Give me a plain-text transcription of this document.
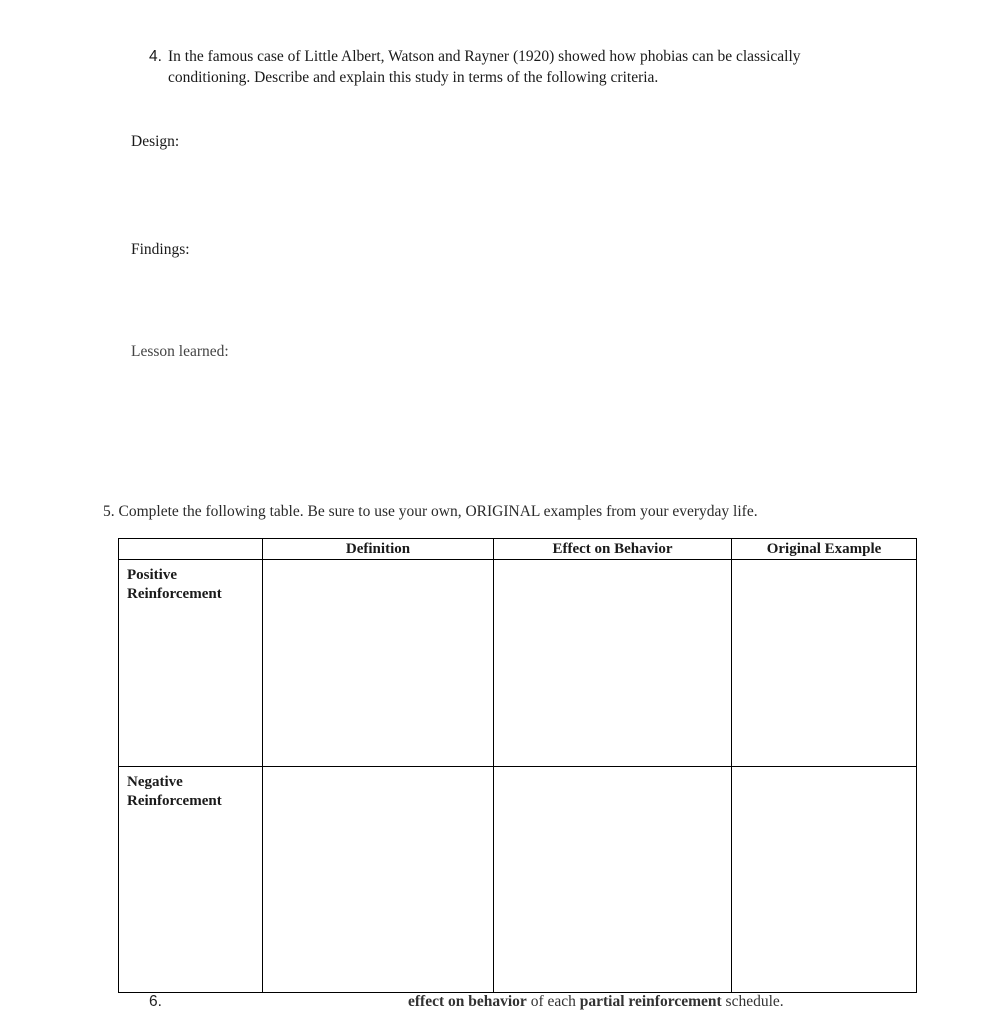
4. In the famous case of Little Albert, Watson and Rayner (1920) showed how phobias can be classically
conditioning. Describe and explain this study in terms of the following criteria.
Design:
Findings:
Lesson learned:
5. Complete the following table. Be sure to use your own, ORIGINAL examples from your everyday life.
	Definition	Effect on Behavior	Original Example

Positive
Reinforcement			

Negative
Reinforcement			

6.	effect on behavior of each partial reinforcement schedule.
